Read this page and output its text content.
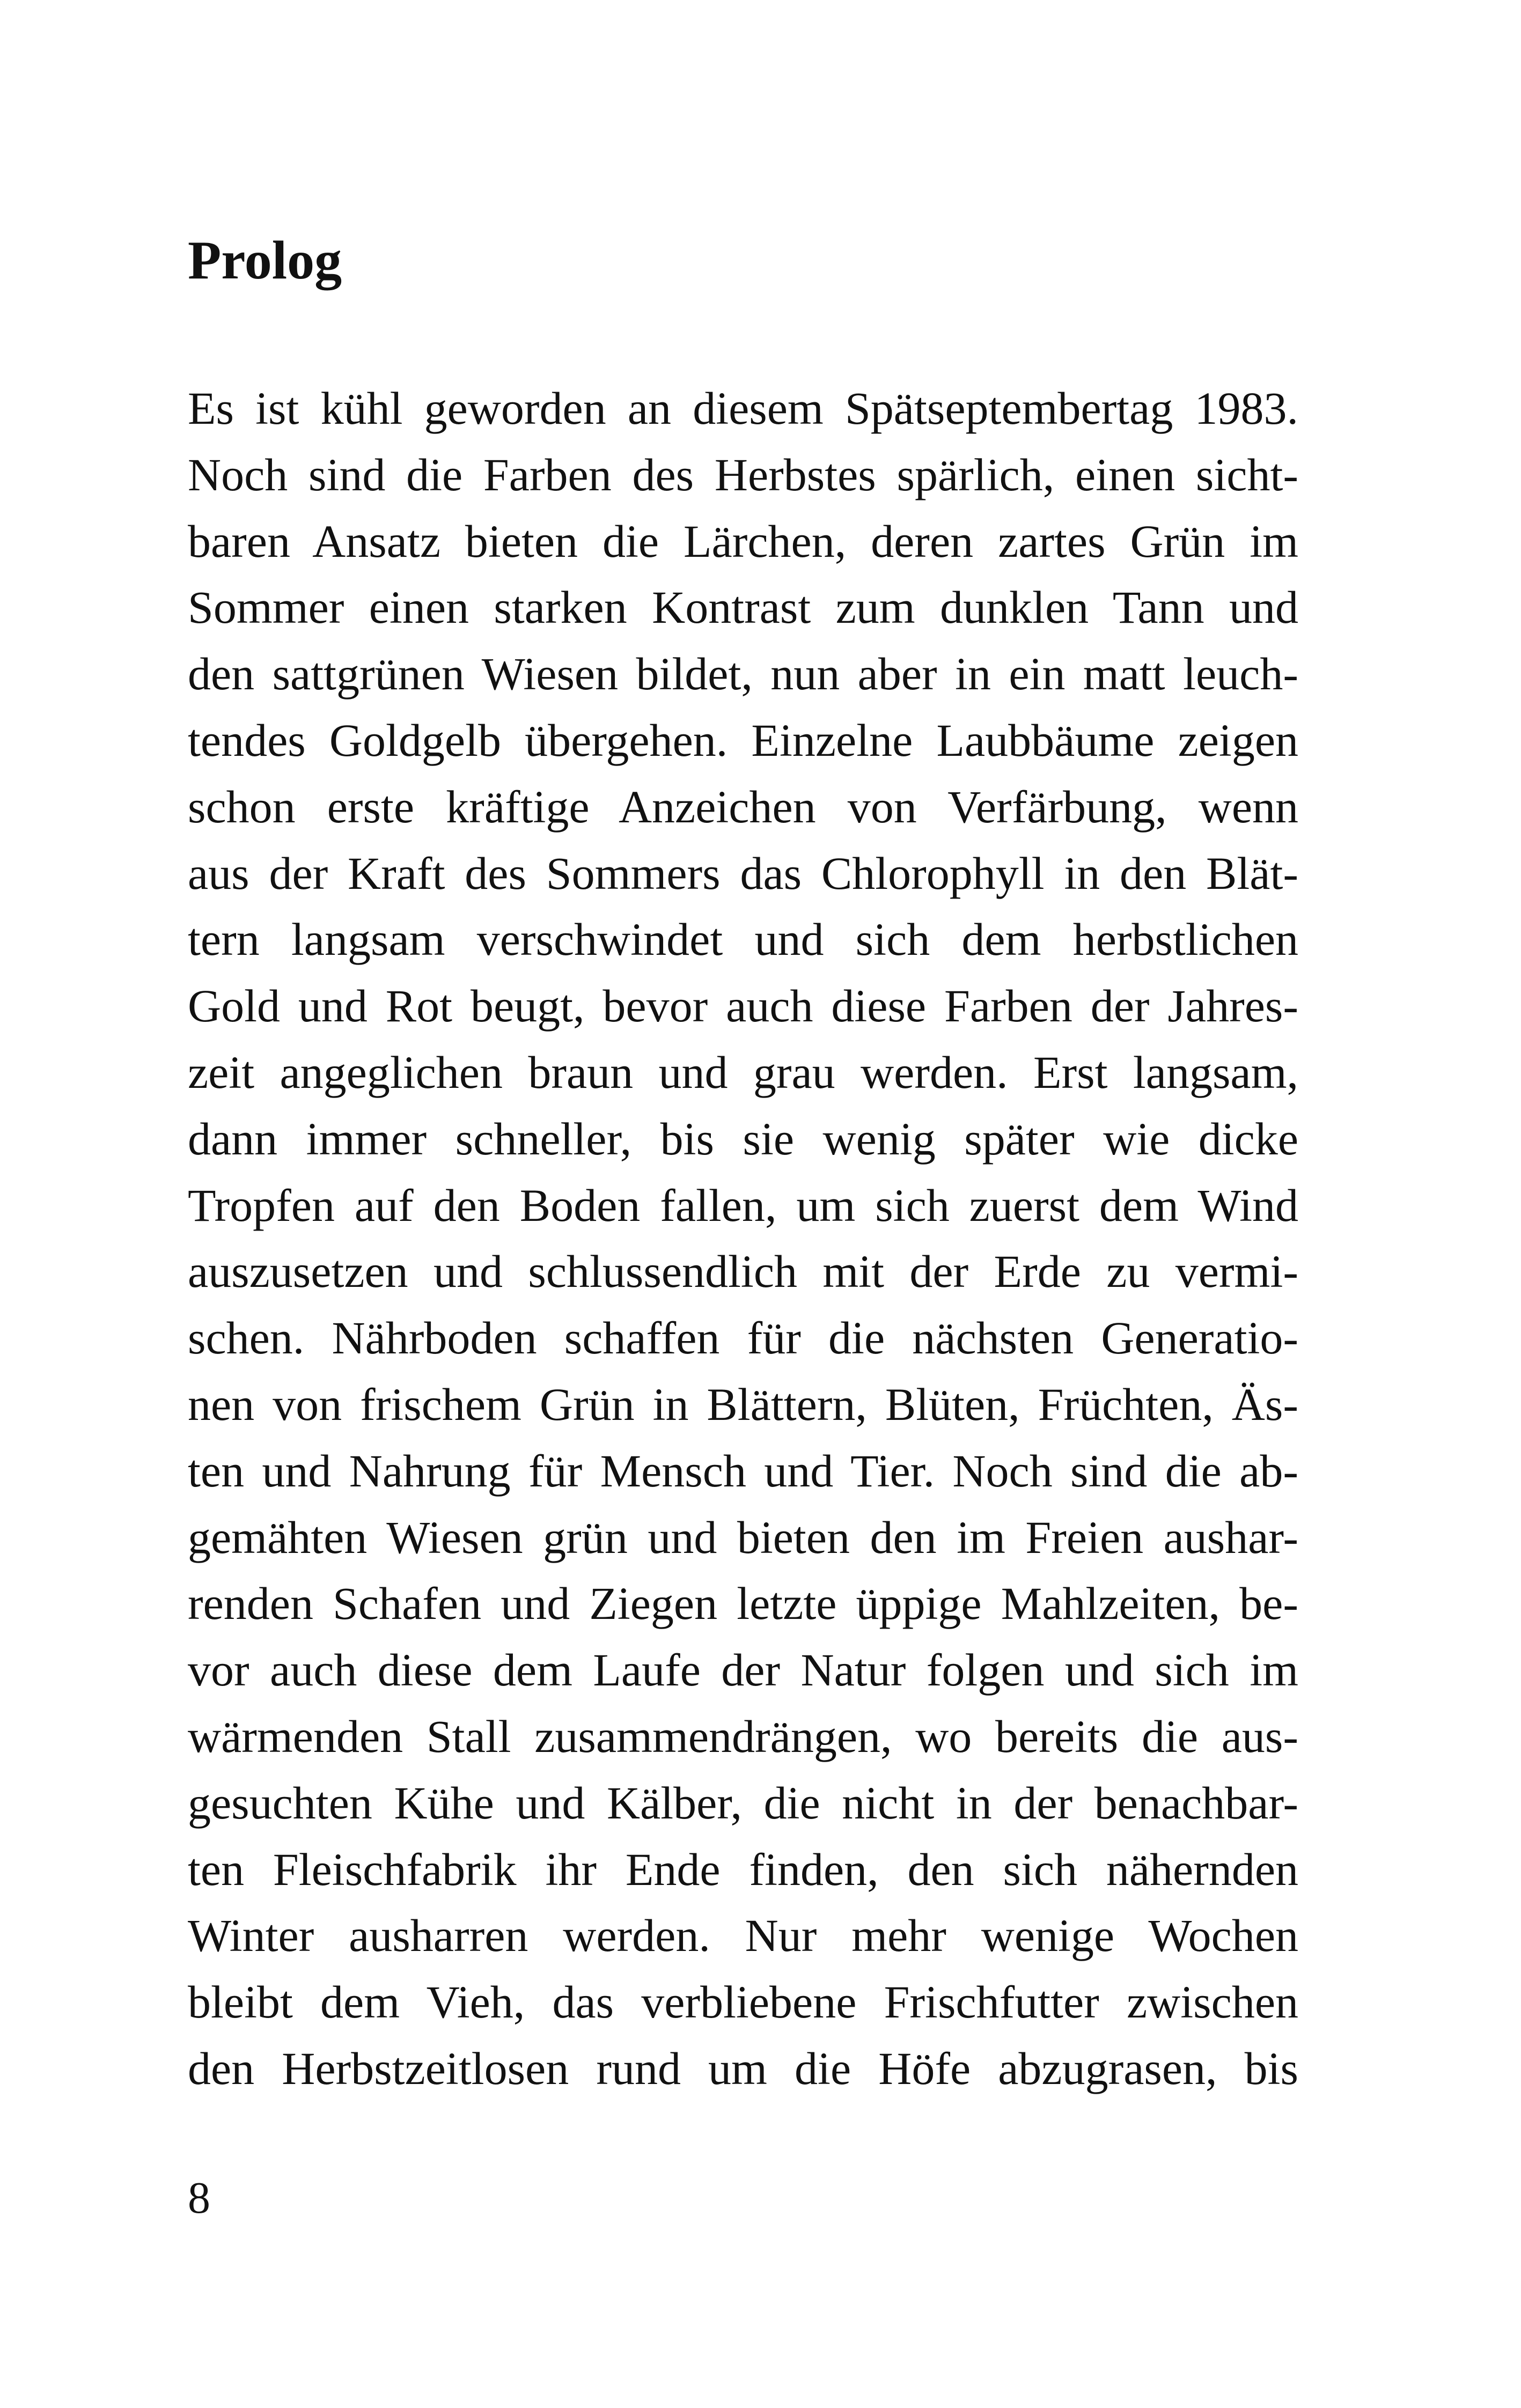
Prolog
Es ist kühl geworden an diesem Spätseptembertag 1983.
Noch sind die Farben des Herbstes spärlich, einen sicht-
baren Ansatz bieten die Lärchen, deren zartes Grün im
Sommer einen starken Kontrast zum dunklen Tann und
den sattgrünen Wiesen bildet, nun aber in ein matt leuch-
tendes Goldgelb übergehen. Einzelne Laubbäume zeigen
schon erste kräftige Anzeichen von Verfärbung, wenn
aus der Kraft des Sommers das Chlorophyll in den Blät-
tern langsam verschwindet und sich dem herbstlichen
Gold und Rot beugt, bevor auch diese Farben der Jahres-
zeit angeglichen braun und grau werden. Erst langsam,
dann immer schneller, bis sie wenig später wie dicke
Tropfen auf den Boden fallen, um sich zuerst dem Wind
auszusetzen und schlussendlich mit der Erde zu vermi-
schen. Nährboden schaffen für die nächsten Generatio-
nen von frischem Grün in Blättern, Blüten, Früchten, Äs-
ten und Nahrung für Mensch und Tier. Noch sind die ab-
gemähten Wiesen grün und bieten den im Freien aushar-
renden Schafen und Ziegen letzte üppige Mahlzeiten, be-
vor auch diese dem Laufe der Natur folgen und sich im
wärmenden Stall zusammendrängen, wo bereits die aus-
gesuchten Kühe und Kälber, die nicht in der benachbar-
ten Fleischfabrik ihr Ende finden, den sich nähernden
Winter ausharren werden. Nur mehr wenige Wochen
bleibt dem Vieh, das verbliebene Frischfutter zwischen
den Herbstzeitlosen rund um die Höfe abzugrasen, bis
8
